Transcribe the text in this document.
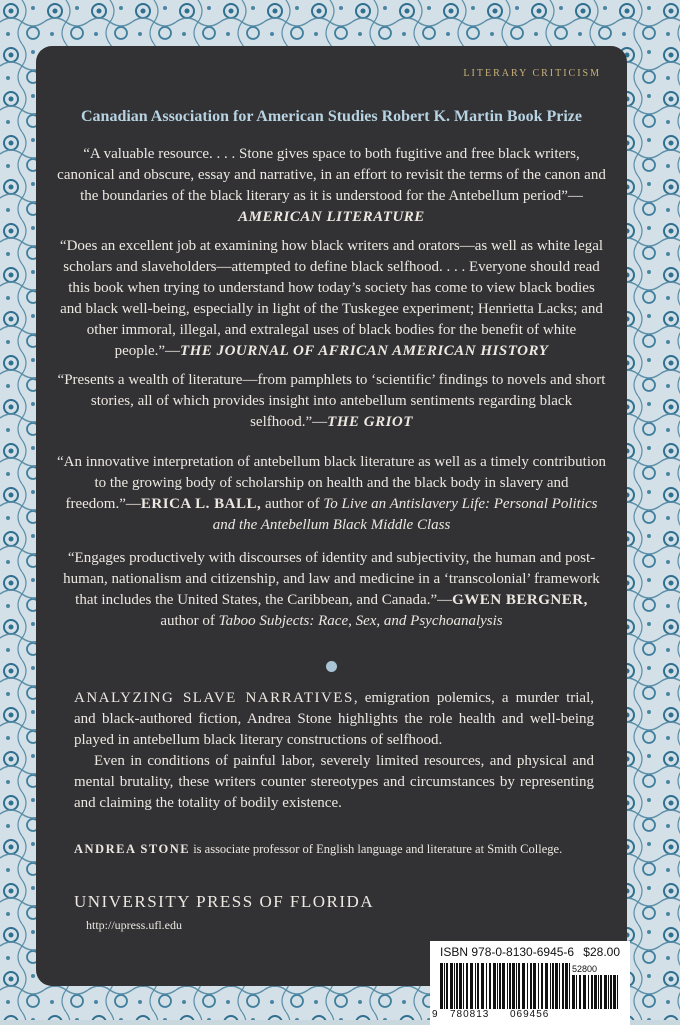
LITERARY CRITICISM
Canadian Association for American Studies Robert K. Martin Book Prize
“A valuable resource. . . . Stone gives space to both fugitive and free black writers, canonical and obscure, essay and narrative, in an effort to revisit the terms of the canon and the boundaries of the black literary as it is understood for the Antebellum period”—AMERICAN LITERATURE
“Does an excellent job at examining how black writers and orators—as well as white legal scholars and slaveholders—attempted to define black selfhood. . . . Everyone should read this book when trying to understand how today’s society has come to view black bodies and black well-being, especially in light of the Tuskegee experiment; Henrietta Lacks; and other immoral, illegal, and extralegal uses of black bodies for the benefit of white people.”—THE JOURNAL OF AFRICAN AMERICAN HISTORY
“Presents a wealth of literature—from pamphlets to ‘scientific’ findings to novels and short stories, all of which provides insight into antebellum sentiments regarding black selfhood.”—THE GRIOT
“An innovative interpretation of antebellum black literature as well as a timely contribution to the growing body of scholarship on health and the black body in slavery and freedom.”—ERICA L. BALL, author of To Live an Antislavery Life: Personal Politics and the Antebellum Black Middle Class
“Engages productively with discourses of identity and subjectivity, the human and post-human, nationalism and citizenship, and law and medicine in a ‘transcolonial’ framework that includes the United States, the Caribbean, and Canada.”—GWEN BERGNER, author of Taboo Subjects: Race, Sex, and Psychoanalysis
ANALYZING SLAVE NARRATIVES, emigration polemics, a murder trial, and black-authored fiction, Andrea Stone highlights the role health and well-being played in antebellum black literary constructions of selfhood.
Even in conditions of painful labor, severely limited resources, and physical and mental brutality, these writers counter stereotypes and circumstances by representing and claiming the totality of bodily existence.
ANDREA STONE is associate professor of English language and literature at Smith College.
UNIVERSITY PRESS OF FLORIDA
http://upress.ufl.edu
ISBN 978-0-8130-6945-6 $28.00
52800
9 780813 069456
